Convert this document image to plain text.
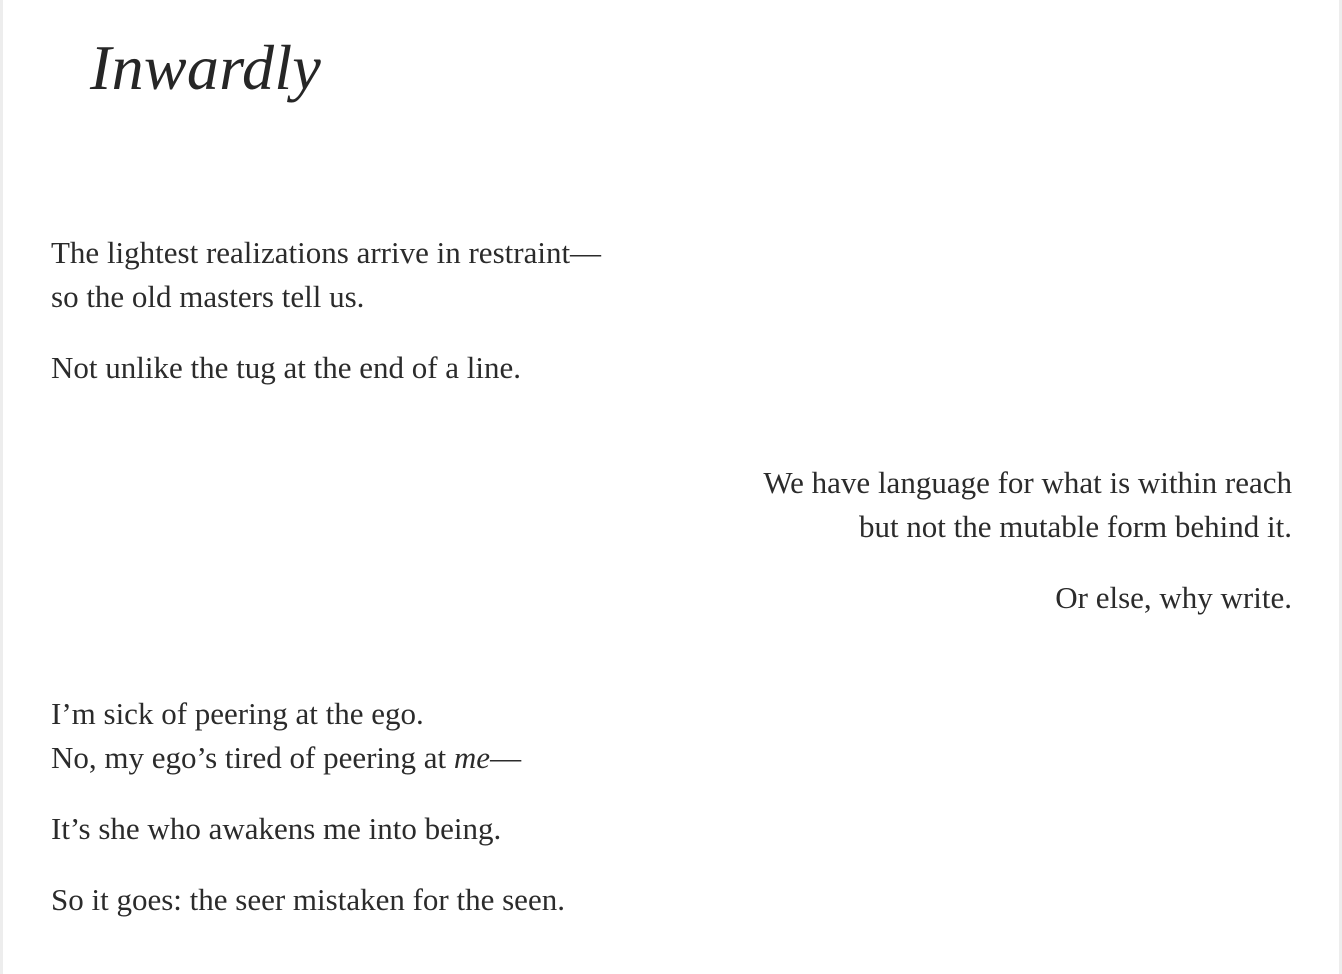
Inwardly

The lightest realizations arrive in restraint—
so the old masters tell us.

Not unlike the tug at the end of a line.

We have language for what is within reach
but not the mutable form behind it.

Or else, why write.

I’m sick of peering at the ego.
No, my ego’s tired of peering at me—

It’s she who awakens me into being.

So it goes: the seer mistaken for the seen.
